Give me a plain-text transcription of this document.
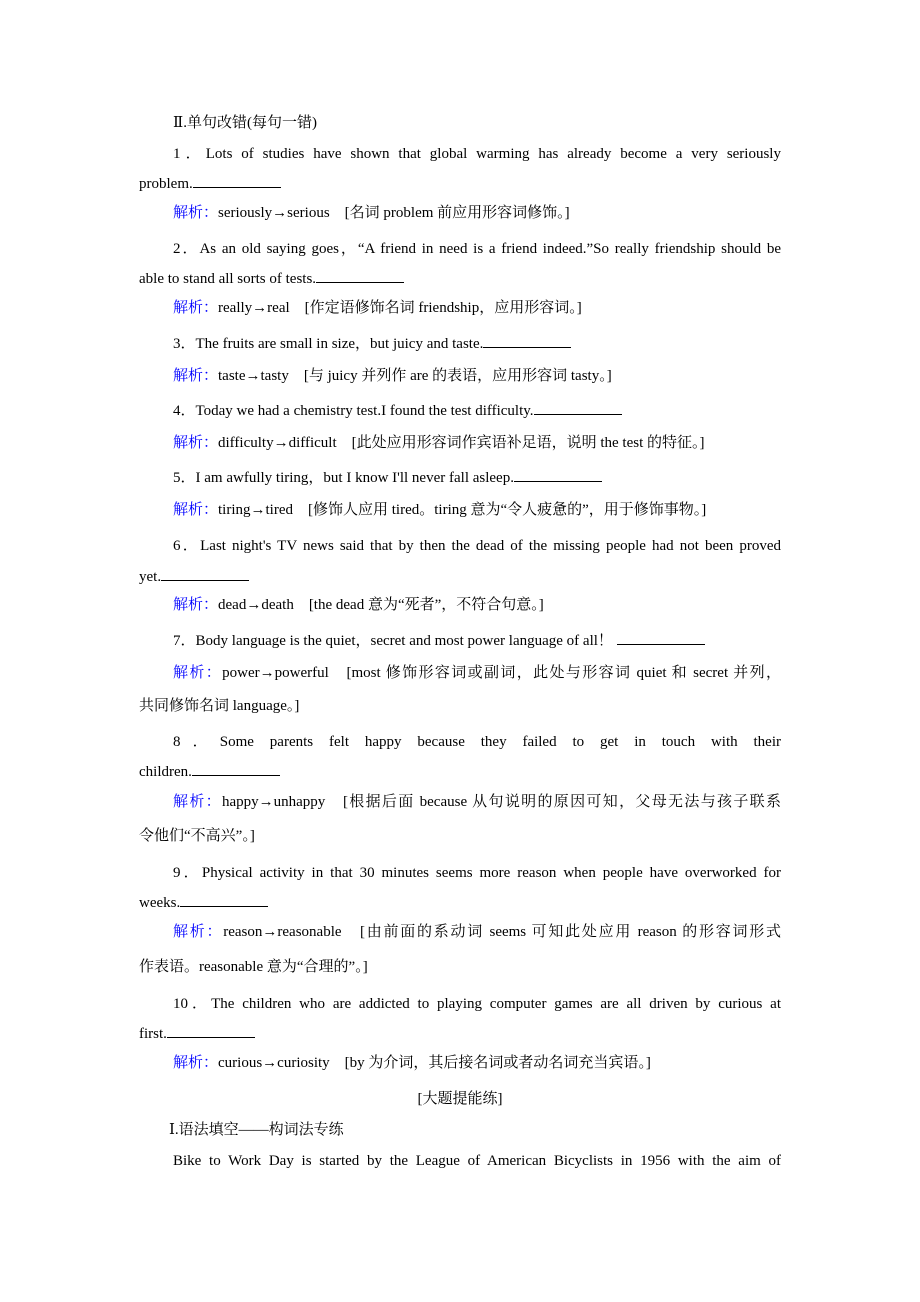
Ⅱ.单句改错(每句一错)
1．Lots of studies have shown that global warming has already become a very seriously
problem.
解析：seriously→serious　[名词 problem 前应用形容词修饰。]
2．As an old saying goes，“A friend in need is a friend indeed.”So really friendship should be
able to stand all sorts of tests.
解析：really→real　[作定语修饰名词 friendship，应用形容词。]
3．The fruits are small in size，but juicy and taste.
解析：taste→tasty　[与 juicy 并列作 are 的表语，应用形容词 tasty。]
4．Today we had a chemistry test.I found the test difficulty.
解析：difficulty→difficult　[此处应用形容词作宾语补足语，说明 the test 的特征。]
5．I am awfully tiring，but I know I'll never fall asleep.
解析：tiring→tired　[修饰人应用 tired。tiring 意为“令人疲惫的”，用于修饰事物。]
6．Last night's TV news said that by then the dead of the missing people had not been proved
yet.
解析：dead→death　[the dead 意为“死者”，不符合句意。]
7．Body language is the quiet，secret and most power language of all！
解析：power→powerful　[most 修饰形容词或副词，此处与形容词 quiet 和 secret 并列，
共同修饰名词 language。]
8．Some parents felt happy because they failed to get in touch with their
children.
解析：happy→unhappy　[根据后面 because 从句说明的原因可知，父母无法与孩子联系
令他们“不高兴”。]
9．Physical activity in that 30 minutes seems more reason when people have overworked for
weeks.
解析：reason→reasonable　[由前面的系动词 seems 可知此处应用 reason 的形容词形式
作表语。reasonable 意为“合理的”。]
10．The children who are addicted to playing computer games are all driven by curious at
first.
解析：curious→curiosity　[by 为介词，其后接名词或者动名词充当宾语。]
[大题提能练]
Ⅰ.语法填空——构词法专练
Bike to Work Day is started by the League of American Bicyclists in 1956 with the aim of
